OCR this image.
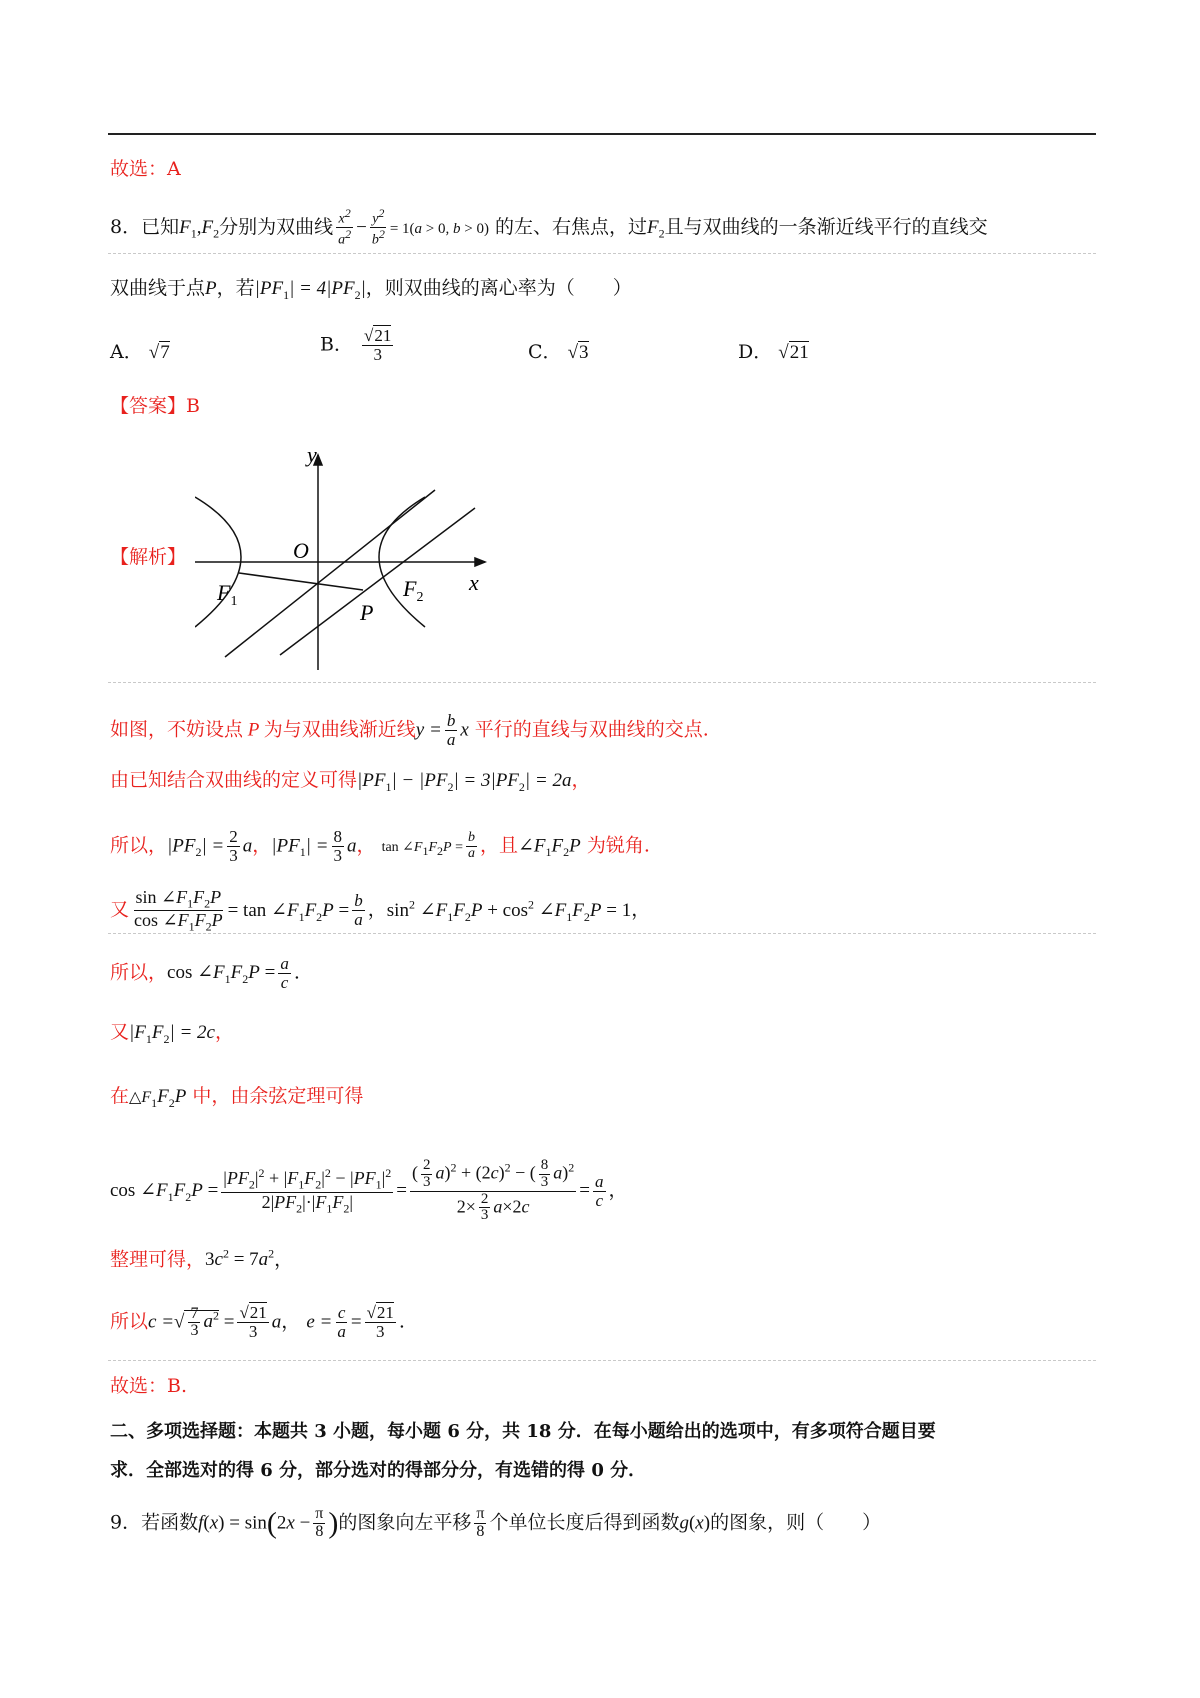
故选：A
8．已知$F_1,F_2$分别为双曲线 $\frac{x^2}{a^2} - \frac{y^2}{b^2} = 1(a > 0$, b > 0) 的左、右焦点，过$F_2$且与双曲线的一条渐近线平行的直线交
双曲线于点P，若$|PF_1| = 4|PF_2|$，则双曲线的离心率为（　　）
A． √7	B． $\frac{√21}{3}$	C． √3	D． √21
【答案】B
【解析】
y
x
O
$F_1$
$F_2$
P
如图，不妨设点 P 为与双曲线渐近线$y = \frac{b}{a}$ x 平行的直线与双曲线的交点.
由已知结合双曲线的定义可得$|PF_1| - |PF_2| = 3|PF_2| = 2a$，
所以，$|PF_2| = \frac{2}{3}$ a，$|PF_1| = \frac{8}{3}$ a， $\tan \angle F_1F_2P = \frac{b}{a}$ ，且$\angle F_1F_2P$ 为锐角.
又 $\frac{\sin \angle F_1F_2P}{\cos \angle F_1F_2P} = \tan$ $\angle F_1F_2P = \frac{b}{a}$ ，$\sin^2$ $\angle F_1F_2P + \cos^2$ $\angle F_1F_2P = 1$，
所以，$\cos \angle F_1F_2P = \frac{a}{c}$ .
又$|F_1F_2| = 2c$，
在$\triangle F_1F_2P$ 中，由余弦定理可得
$\cos \angle F_1F_2P = \frac{|PF_2|^2 + |F_1F_2|^2 - |PF_1|^2}{2|PF_2|\cdot|F_1F_2|} = \frac{( \frac{2}{3} a)^2 + (2c)^2 - ( \frac{8}{3} a)^2}{2\times \frac{2}{3} a\times 2c} = \frac{a}{c}$ ，
整理可得，$3c^2 = 7a^2$，
所以c =√ $\frac{7}{3} a^2 = \frac{√21}{3}$ a， $e = \frac{c}{a} = \frac{√21}{3}$ .
故选：B.
二、多项选择题：本题共 3 小题，每小题 6 分，共 18 分．在每小题给出的选项中，有多项符合题目要
求．全部选对的得 6 分，部分选对的得部分分，有选错的得 0 分．
9．若函数$f(x) = \sin(2x - \frac{\pi}{8}$ )的图象向左平移 $\frac{\pi}{8}$ 个单位长度后得到函数g(x)的图象，则（　　）
